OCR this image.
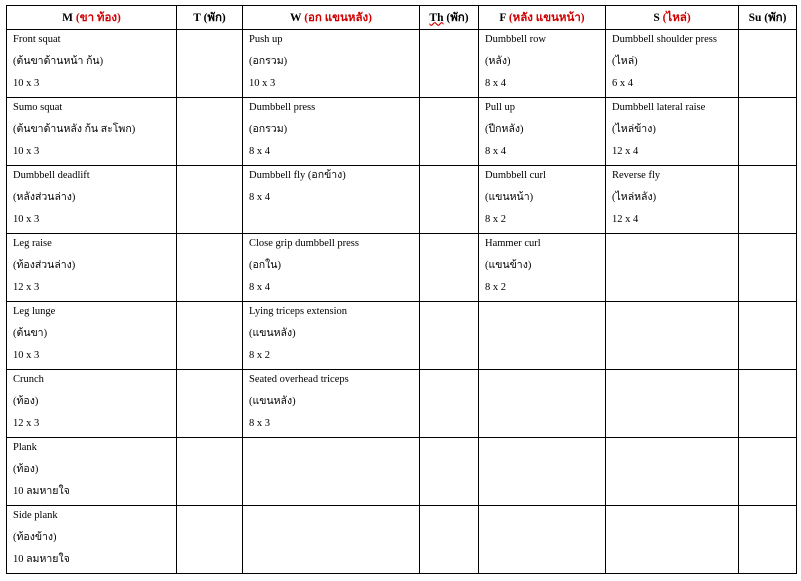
M (ขา ท้อง)	T (พัก)	W (อก แขนหลัง)	Th (พัก)	F (หลัง แขนหน้า)	S (ไหล่)	Su (พัก)

Front squat
(ต้นขาด้านหน้า ก้น)
10 x 3		Push up
(อกรวม)
10 x 3		Dumbbell row
(หลัง)
8 x 4	Dumbbell shoulder press
(ไหล่)
6 x 4	

Sumo squat
(ต้นขาด้านหลัง ก้น สะโพก)
10 x 3		Dumbbell press
(อกรวม)
8 x 4		Pull up
(ปีกหลัง)
8 x 4	Dumbbell lateral raise
(ไหล่ข้าง)
12 x 4	

Dumbbell deadlift
(หลังส่วนล่าง)
10 x 3		Dumbbell fly (อกข้าง)
8 x 4		Dumbbell curl
(แขนหน้า)
8 x 2	Reverse fly
(ไหล่หลัง)
12 x 4	

Leg raise
(ท้องส่วนล่าง)
12 x 3		Close grip dumbbell press
(อกใน)
8 x 4		Hammer curl
(แขนข้าง)
8 x 2		

Leg lunge
(ต้นขา)
10 x 3		Lying triceps extension
(แขนหลัง)
8 x 2				

Crunch
(ท้อง)
12 x 3		Seated overhead triceps
(แขนหลัง)
8 x 3				

Plank
(ท้อง)
10 ลมหายใจ						

Side plank
(ท้องข้าง)
10 ลมหายใจ						
